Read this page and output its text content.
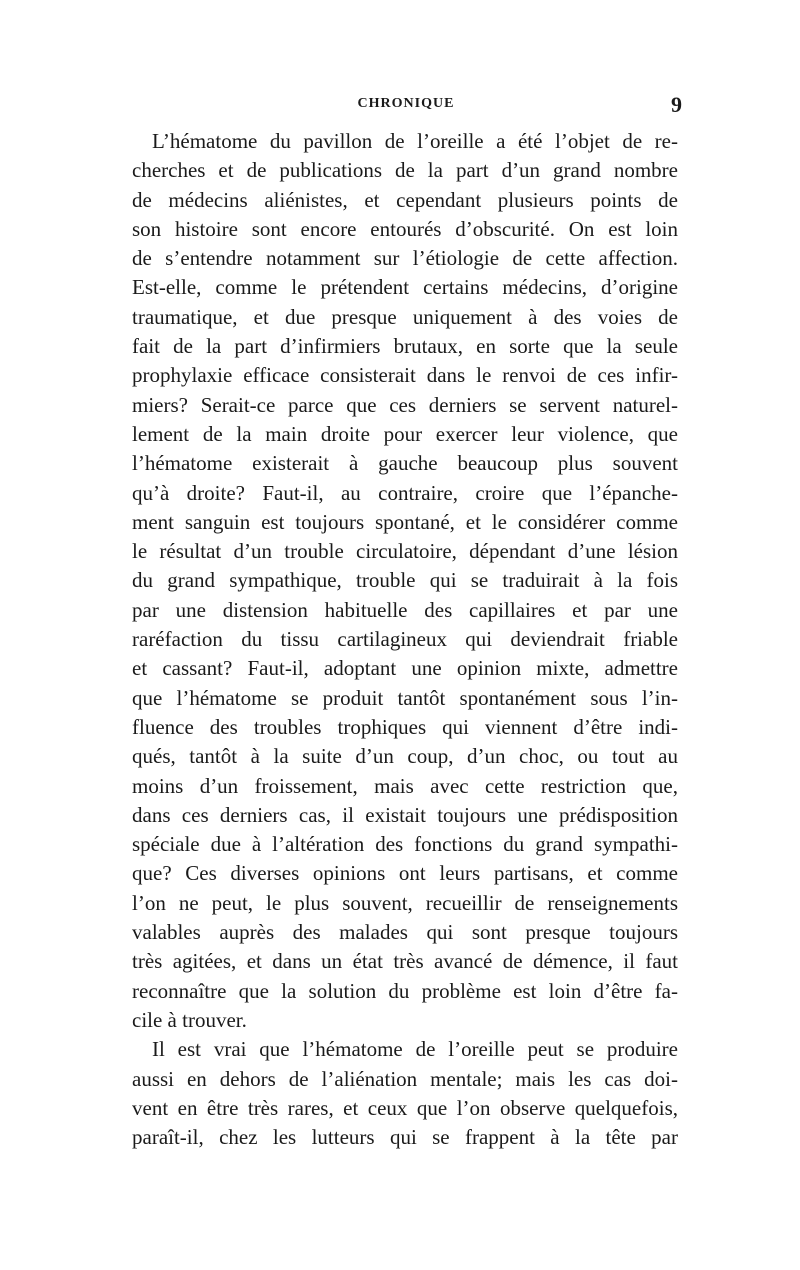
CHRONIQUE	9
L’hématome du pavillon de l’oreille a été l’objet de re-
cherches et de publications de la part d’un grand nombre
de médecins aliénistes, et cependant plusieurs points de
son histoire sont encore entourés d’obscurité. On est loin
de s’entendre notamment sur l’étiologie de cette affection.
Est-elle, comme le prétendent certains médecins, d’origine
traumatique, et due presque uniquement à des voies de
fait de la part d’infirmiers brutaux, en sorte que la seule
prophylaxie efficace consisterait dans le renvoi de ces infir-
miers? Serait-ce parce que ces derniers se servent naturel-
lement de la main droite pour exercer leur violence, que
l’hématome existerait à gauche beaucoup plus souvent
qu’à droite? Faut-il, au contraire, croire que l’épanche-
ment sanguin est toujours spontané, et le considérer comme
le résultat d’un trouble circulatoire, dépendant d’une lésion
du grand sympathique, trouble qui se traduirait à la fois
par une distension habituelle des capillaires et par une
raréfaction du tissu cartilagineux qui deviendrait friable
et cassant? Faut-il, adoptant une opinion mixte, admettre
que l’hématome se produit tantôt spontanément sous l’in-
fluence des troubles trophiques qui viennent d’être indi-
qués, tantôt à la suite d’un coup, d’un choc, ou tout au
moins d’un froissement, mais avec cette restriction que,
dans ces derniers cas, il existait toujours une prédisposition
spéciale due à l’altération des fonctions du grand sympathi-
que? Ces diverses opinions ont leurs partisans, et comme
l’on ne peut, le plus souvent, recueillir de renseignements
valables auprès des malades qui sont presque toujours
très agitées, et dans un état très avancé de démence, il faut
reconnaître que la solution du problème est loin d’être fa-
cile à trouver.
Il est vrai que l’hématome de l’oreille peut se produire
aussi en dehors de l’aliénation mentale; mais les cas doi-
vent en être très rares, et ceux que l’on observe quelquefois,
paraît-il, chez les lutteurs qui se frappent à la tête par
